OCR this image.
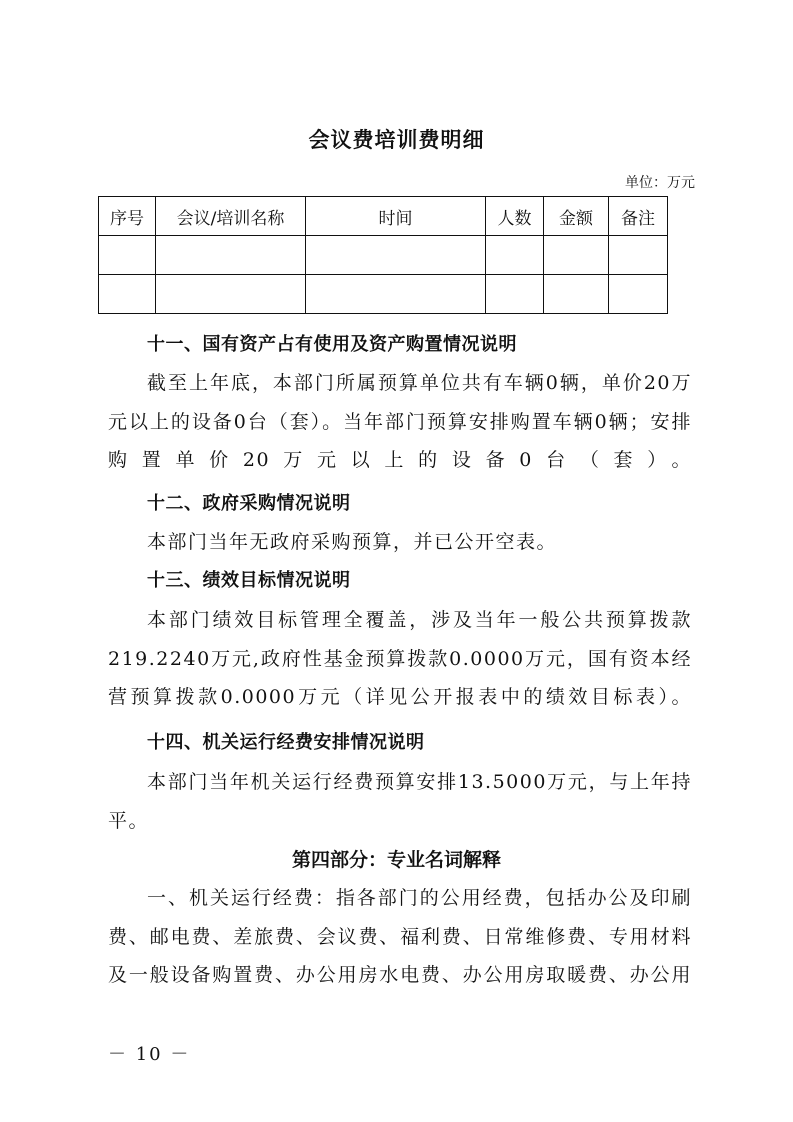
会议费培训费明细
单位：万元
序号	会议/培训名称	时间	人数	金额	备注

十一、国有资产占有使用及资产购置情况说明
截至上年底，本部门所属预算单位共有车辆0辆，单价20万元以上的设备0台（套）。当年部门预算安排购置车辆0辆；安排购置单价20万元以上的设备0台（套）。
十二、政府采购情况说明
本部门当年无政府采购预算，并已公开空表。
十三、绩效目标情况说明
本部门绩效目标管理全覆盖，涉及当年一般公共预算拨款219.2240万元,政府性基金预算拨款0.0000万元，国有资本经营预算拨款0.0000万元（详见公开报表中的绩效目标表）。
十四、机关运行经费安排情况说明
本部门当年机关运行经费预算安排13.5000万元，与上年持平。
第四部分：专业名词解释
一、机关运行经费：指各部门的公用经费，包括办公及印刷费、邮电费、差旅费、会议费、福利费、日常维修费、专用材料及一般设备购置费、办公用房水电费、办公用房取暖费、办公用
－ 10 －
